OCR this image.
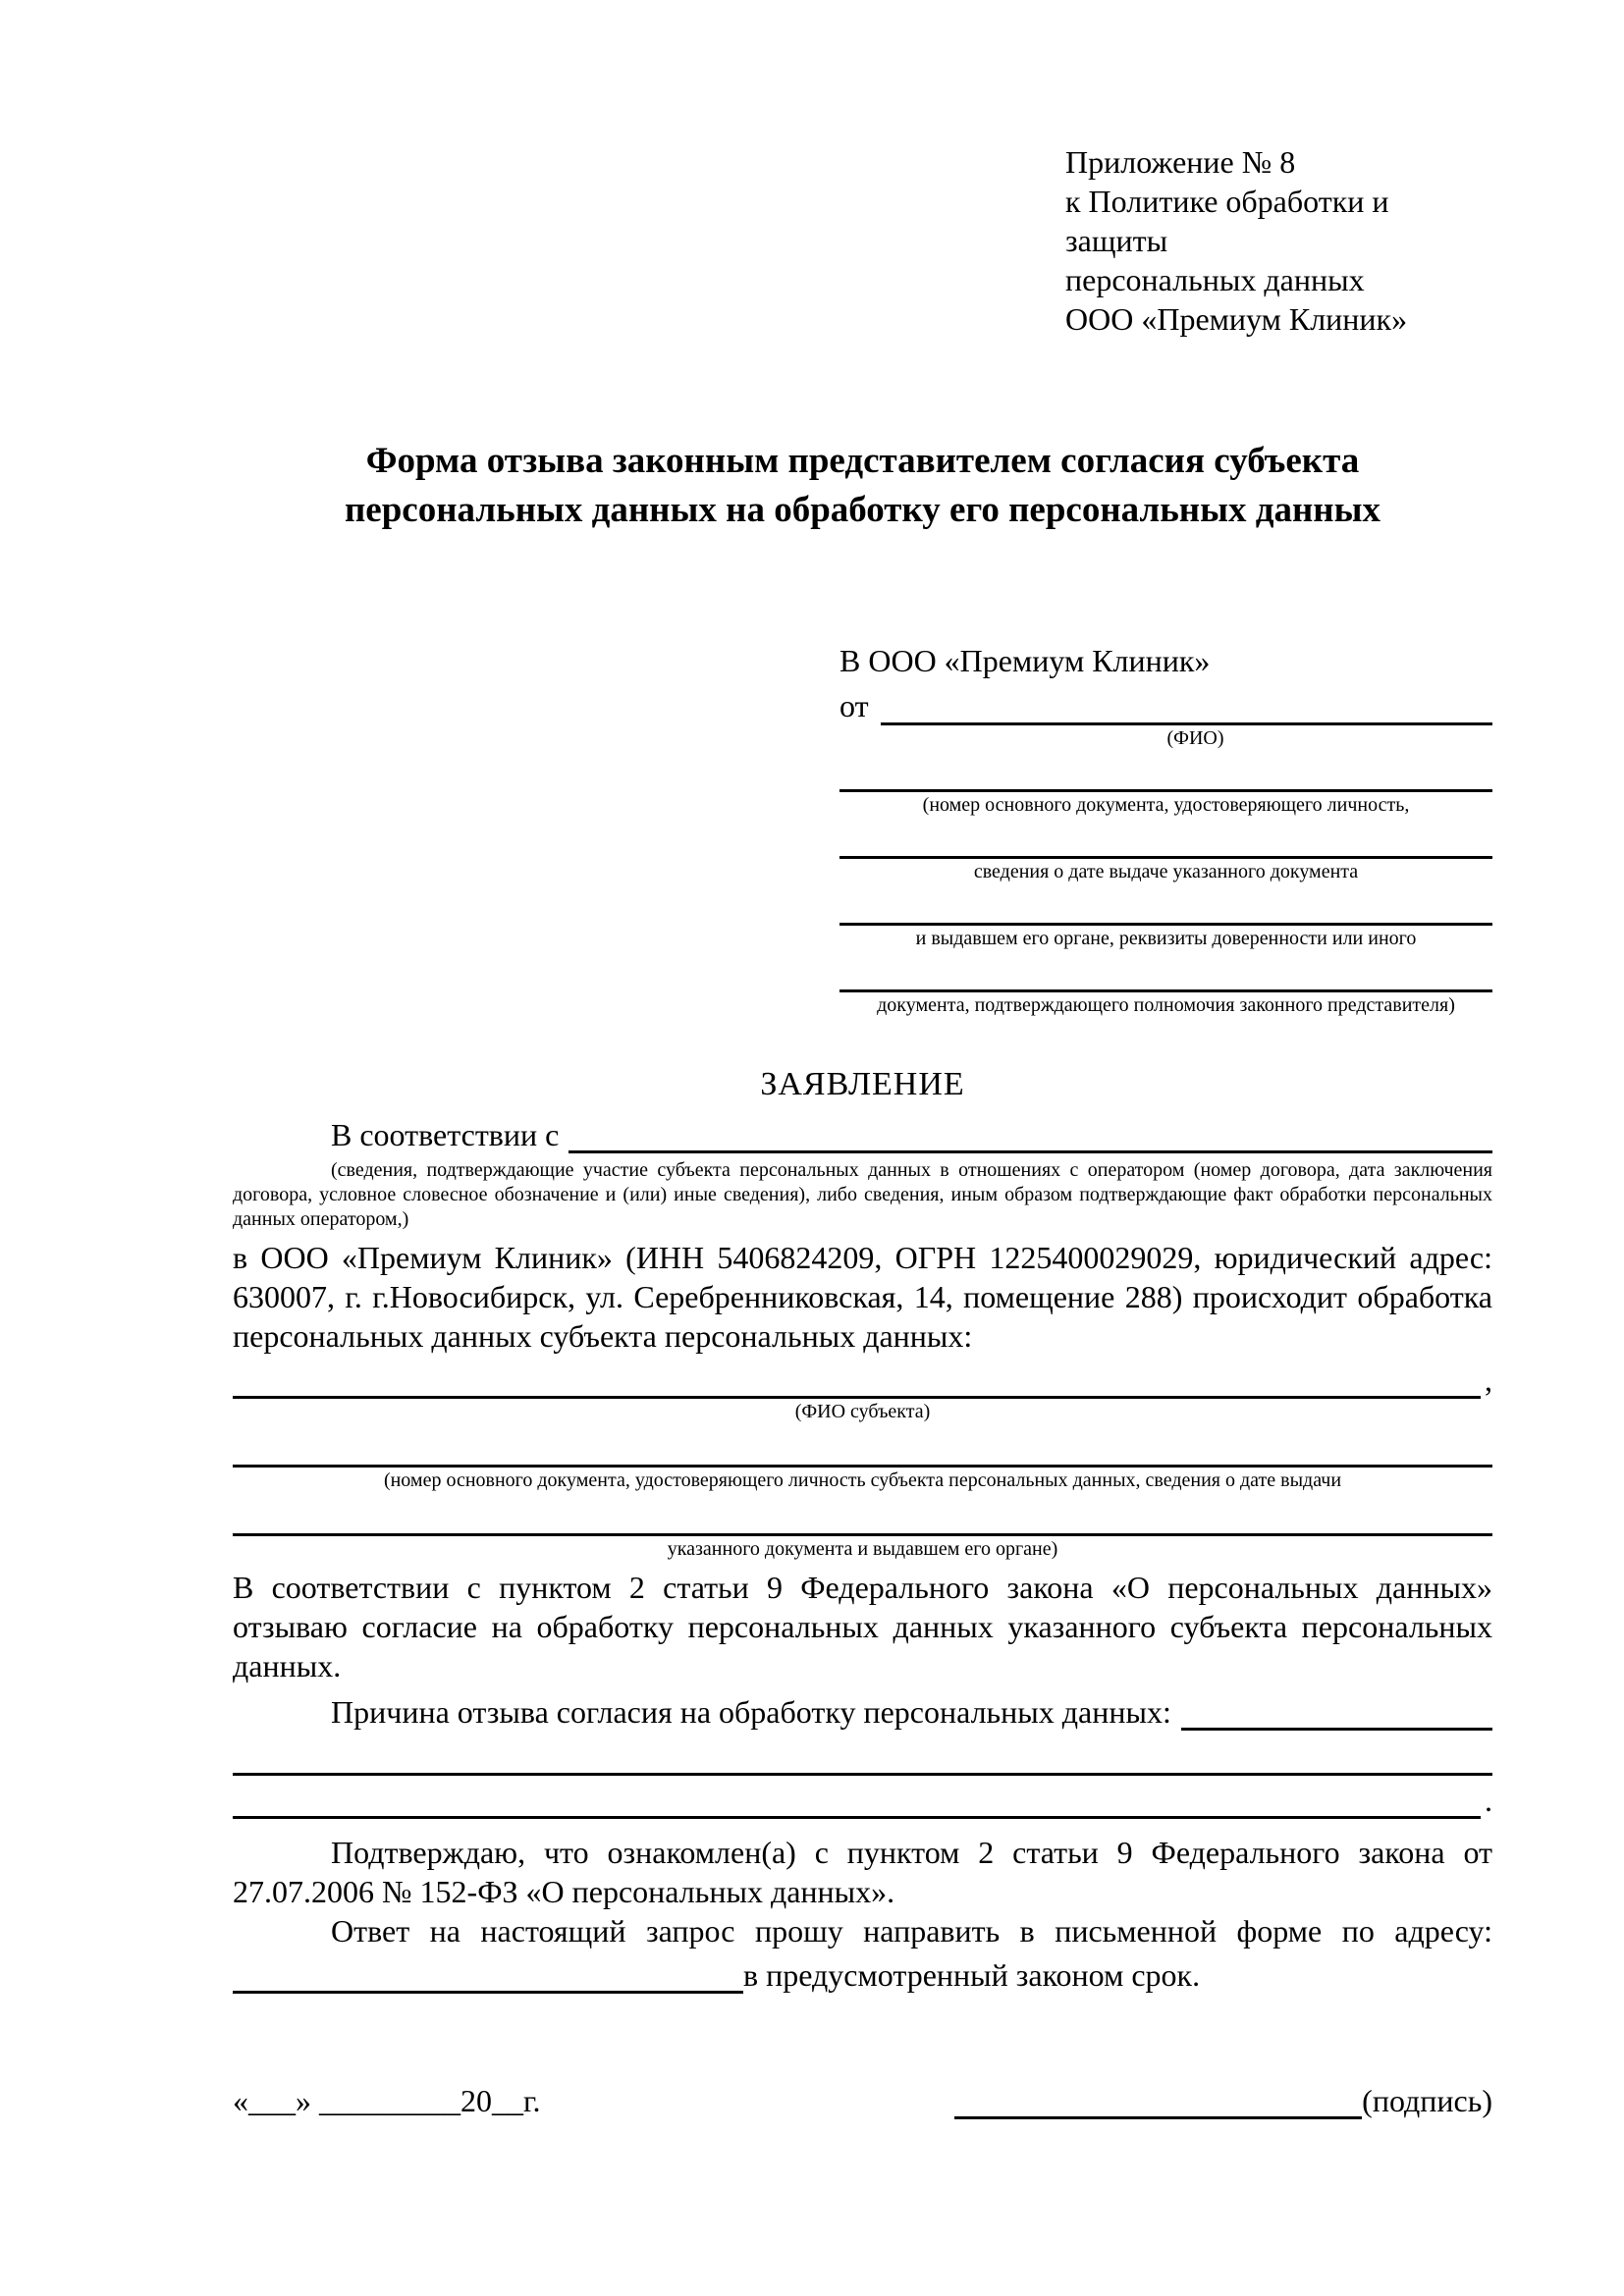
Приложение № 8
к Политике обработки и защиты
персональных данных
ООО «Премиум Клиник»
Форма отзыва законным представителем согласия субъекта
персональных данных на обработку его персональных данных
В ООО «Премиум Клиник»
от
(ФИО)
(номер основного документа, удостоверяющего личность,
сведения о дате выдаче указанного документа
и выдавшем его органе, реквизиты доверенности или иного
документа, подтверждающего полномочия законного представителя)
ЗАЯВЛЕНИЕ
В соответствии с
(сведения, подтверждающие участие субъекта персональных данных в отношениях с оператором (номер договора, дата заключения договора, условное словесное обозначение и (или) иные сведения), либо сведения, иным образом подтверждающие факт обработки персональных данных оператором,)
в ООО «Премиум Клиник» (ИНН 5406824209, ОГРН 1225400029029, юридический адрес: 630007, г. г.Новосибирск, ул. Серебренниковская, 14, помещение 288) происходит обработка персональных данных субъекта персональных данных:
,
(ФИО субъекта)
(номер основного документа, удостоверяющего личность субъекта персональных данных, сведения о дате выдачи
указанного документа и выдавшем его органе)
В соответствии с пунктом 2 статьи 9 Федерального закона «О персональных данных» отзываю согласие на обработку персональных данных указанного субъекта персональных данных.
Причина отзыва согласия на обработку персональных данных:
.
Подтверждаю, что ознакомлен(а) с пунктом 2 статьи 9 Федерального закона от 27.07.2006 № 152-ФЗ «О персональных данных».
Ответ на настоящий запрос прошу направить в письменной форме по адресу:
в предусмотренный законом срок.
«___» _________20__г.	(подпись)
